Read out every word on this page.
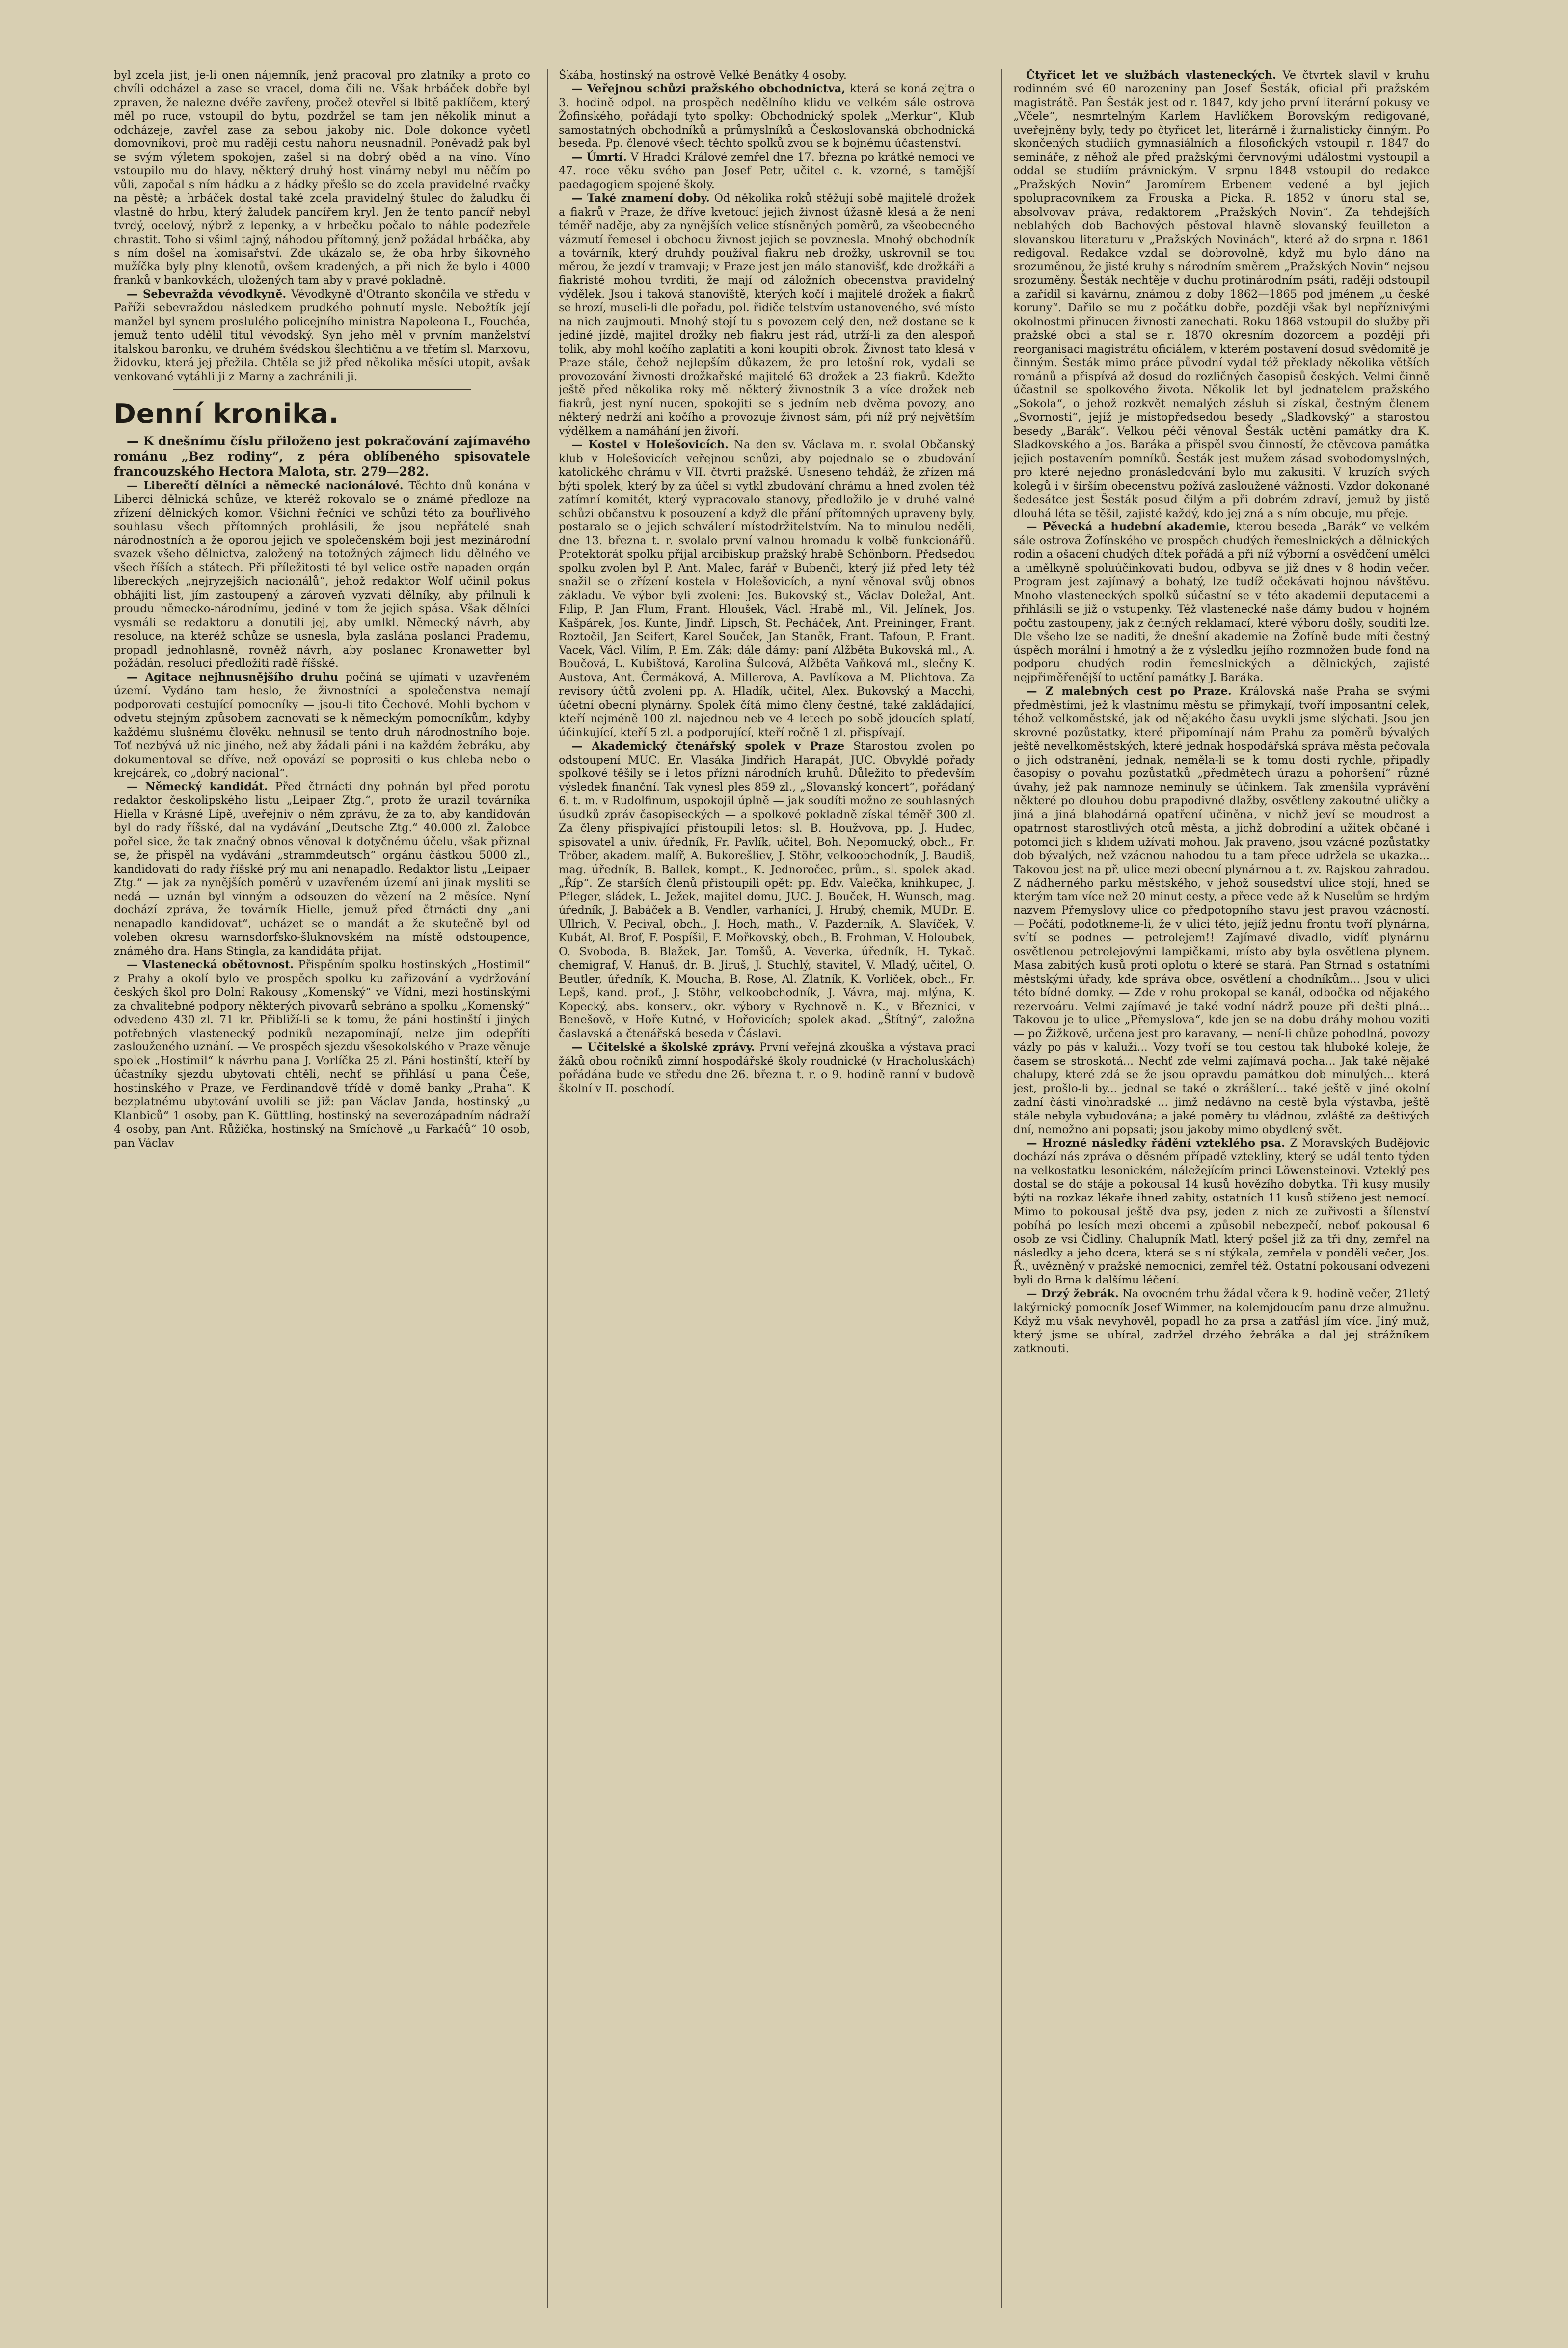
byl zcela jist, je-li onen nájemník, jenž pracoval pro zlatníky a proto co chvíli odcházel a zase se vracel, doma čili ne. Však hrbáček dobře byl zpraven, že nalezne dvéře zavřeny, pročež otevřel si lbitě paklíčem, který měl po ruce, vstoupil do bytu, pozdržel se tam jen několik minut a odcházeje, zavřel zase za sebou jakoby nic. Dole dokonce vyčetl domovníkovi, proč mu raději cestu nahoru neusnadnil. Poněvadž pak byl se svým výletem spokojen, zašel si na dobrý oběd a na víno. Víno vstoupilo mu do hlavy, některý druhý host vinárny nebyl mu něčím po vůli, započal s ním hádku a z hádky přešlo se do zcela pravidelné rvačky na pěstě; a hrbáček dostal také zcela pravidelný štulec do žaludku či vlastně do hrbu, který žaludek pancířem kryl. Jen že tento pancíř nebyl tvrdý, ocelový, nýbrž z lepenky, a v hrbečku počalo to náhle podezřele chrastit. Toho si všiml tajný, náhodou přítomný, jenž požádal hrbáčka, aby s ním došel na komisařství. Zde ukázalo se, že oba hrby šikovného mužíčka byly plny klenotů, ovšem kradených, a při nich že bylo i 4000 franků v bankovkách, uložených tam aby v pravé pokladně.

— Sebevražda vévodkyně. Vévodkyně d'Otranto skončila ve středu v Paříži sebevraždou následkem prudkého pohnutí mysle. Nebožtík její manžel byl synem proslulého policejního ministra Napoleona I., Fouchéa, jemuž tento udělil titul vévodský. Syn jeho měl v prvním manželství italskou baronku, ve druhém švédskou šlechtičnu a ve třetím sl. Marxovu, židovku, která jej přežila. Chtěla se již před několika měsíci utopit, avšak venkované vytáhli ji z Marny a zachránili ji.

Denní kronika.

— K dnešnímu číslu přiloženo jest pokračování zajímavého románu „Bez rodiny“, z péra oblíbeného spisovatele francouzského Hectora Malota, str. 279—282.

— Liberečtí dělníci a německé nacionálové. Těchto dnů konána v Liberci dělnická schůze, ve kteréž rokovalo se o známé předloze na zřízení dělnických komor. Všichni řečníci ve schůzi této za bouřlivého souhlasu všech přítomných prohlásili, že jsou nepřátelé snah národnostních a že oporou jejich ve společenském boji jest mezinárodní svazek všeho dělnictva, založený na totožných zájmech lidu dělného ve všech říších a státech. Při příležitosti té byl velice ostře napaden orgán libereckých „nejryzejších nacionálů“, jehož redaktor Wolf učinil pokus obhájiti list, jím zastoupený a zároveň vyzvati dělníky, aby přilnuli k proudu německo-národnímu, jediné v tom že jejich spása. Však dělníci vysmáli se redaktoru a donutili jej, aby umlkl. Německý návrh, aby resoluce, na kteréž schůze se usnesla, byla zaslána poslanci Prademu, propadl jednohlasně, rovněž návrh, aby poslanec Kronawetter byl požádán, resoluci předložiti radě říšské.

— Agitace nejhnusnějšího druhu počíná se ujímati v uzavřeném území. Vydáno tam heslo, že živnostníci a společenstva nemají podporovati cestující pomocníky — jsou-li tito Čechové. Mohli bychom v odvetu stejným způsobem zacnovati se k německým pomocníkům, kdyby každému slušnému člověku nehnusil se tento druh národnostního boje. Toť nezbývá už nic jiného, než aby žádali páni i na každém žebráku, aby dokumentoval se dříve, než opovází se poprositi o kus chleba nebo o krejcárek, co „dobrý nacional“.

— Německý kandidát. Před čtrnácti dny pohnán byl před porotu redaktor českolipského listu „Leipaer Ztg.“, proto že urazil továrníka Hiella v Krásné Lípě, uveřejniv o něm zprávu, že za to, aby kandidován byl do rady říšské, dal na vydávání „Deutsche Ztg.“ 40.000 zl. Žalobce pořel sice, že tak značný obnos věnoval k dotyčnému účelu, však přiznal se, že přispěl na vydávání „strammdeutsch“ orgánu částkou 5000 zl., kandidovati do rady říšské prý mu ani nenapadlo. Redaktor listu „Leipaer Ztg.“ — jak za nynějších poměrů v uzavřeném území ani jinak mysliti se nedá — uznán byl vinným a odsouzen do vězení na 2 měsíce. Nyní dochází zpráva, že továrník Hielle, jemuž před čtrnácti dny „ani nenapadlo kandidovat“, ucházet se o mandát a že skutečně byl od voleben okresu warnsdorfsko-šluknovském na místě odstoupence, známého dra. Hans Stingla, za kandidáta přijat.

— Vlastenecká obětovnost. Přispěním spolku hostinských „Hostimil“ z Prahy a okolí bylo ve prospěch spolku ku zařizování a vydržování českých škol pro Dolní Rakousy „Komenský“ ve Vídni, mezi hostinskými za chvalitebné podpory některých pivovarů sebráno a spolku „Komenský“ odvedeno 430 zl. 71 kr. Přibliží-li se k tomu, že páni hostinští i jiných potřebných vlastenecký podniků nezapomínají, nelze jim odepříti zaslouženého uznání. — Ve prospěch sjezdu všesokolského v Praze věnuje spolek „Hostimil“ k návrhu pana J. Vorlíčka 25 zl. Páni hostinští, kteří by účastníky sjezdu ubytovati chtěli, nechť se přihlásí u pana Češe, hostinského v Praze, ve Ferdinandově třídě v domě banky „Praha“. K bezplatnému ubytování uvolili se již: pan Václav Janda, hostinský „u Klanbiců“ 1 osoby, pan K. Güttling, hostinský na severozápadním nádraží 4 osoby, pan Ant. Růžička, hostinský na Smíchově „u Farkačů“ 10 osob, pan Václav

Škába, hostinský na ostrově Velké Benátky 4 osoby.

— Veřejnou schůzi pražského obchodnictva, která se koná zejtra o 3. hodině odpol. na prospěch nedělního klidu ve velkém sále ostrova Žofinského, pořádají tyto spolky: Obchodnický spolek „Merkur“, Klub samostatných obchodníků a průmyslníků a Českoslovanská obchodnická beseda. Pp. členové všech těchto spolků zvou se k bojnému účastenství.

— Úmrtí. V Hradci Králové zemřel dne 17. března po krátké nemoci ve 47. roce věku svého pan Josef Petr, učitel c. k. vzorné, s tamější paedagogiem spojené školy.

— Také znamení doby. Od několika roků stěžují sobě majitelé drožek a fiakrů v Praze, že dříve kvetoucí jejich živnost úžasně klesá a že není téměř naděje, aby za nynějších velice stísněných poměrů, za všeobecného vázmutí řemesel i obchodu živnost jejich se povznesla. Mnohý obchodník a továrník, který druhdy používal fiakru neb drožky, uskrovnil se tou měrou, že jezdí v tramvaji; v Praze jest jen málo stanovišť, kde drožkáři a fiakristé mohou tvrditi, že mají od záložních obecenstva pravidelný výdělek. Jsou i taková stanoviště, kterých kočí i majitelé drožek a fiakrů se hrozí, museli-li dle pořadu, pol. řidiče telstvím ustanoveného, své místo na nich zaujmouti. Mnohý stojí tu s povozem celý den, než dostane se k jediné jízdě, majitel drožky neb fiakru jest rád, utrží-li za den alespoň tolik, aby mohl kočího zaplatiti a koni koupiti obrok. Živnost tato klesá v Praze stále, čehož nejlepším důkazem, že pro letošní rok, vydali se provozování živnosti drožkařské majitelé 63 drožek a 23 fiakrů. Kdežto ještě před několika roky měl některý živnostník 3 a více drožek neb fiakrů, jest nyní nucen, spokojiti se s jedním neb dvěma povozy, ano některý nedrží ani kočího a provozuje živnost sám, při níž prý největším výdělkem a namáhání jen živoří.

— Kostel v Holešovicích. Na den sv. Václava m. r. svolal Občanský klub v Holešovicích veřejnou schůzi, aby pojednalo se o zbudování katolického chrámu v VII. čtvrti pražské. Usneseno tehdáž, že zřízen má býti spolek, který by za účel si vytkl zbudování chrámu a hned zvolen též zatímní komitét, který vypracovalo stanovy, předložilo je v druhé valné schůzi občanstvu k posouzení a když dle přání přítomných upraveny byly, postaralo se o jejich schválení místodržitelstvím. Na to minulou neděli, dne 13. března t. r. svolalo první valnou hromadu k volbě funkcionářů. Protektorát spolku přijal arcibiskup pražský hrabě Schönborn. Předsedou spolku zvolen byl P. Ant. Malec, farář v Bubenči, který již před lety též snažil se o zřízení kostela v Holešovicích, a nyní věnoval svůj obnos základu. Ve výbor byli zvoleni: Jos. Bukovský st., Václav Doležal, Ant. Filip, P. Jan Flum, Frant. Hloušek, Václ. Hrabě ml., Vil. Jelínek, Jos. Kašpárek, Jos. Kunte, Jindř. Lipsch, St. Pecháček, Ant. Preininger, Frant. Roztočil, Jan Seifert, Karel Souček, Jan Staněk, Frant. Tafoun, P. Frant. Vacek, Václ. Vilím, P. Em. Zák; dále dámy: paní Alžběta Bukovská ml., A. Boučová, L. Kubištová, Karolina Šulcová, Alžběta Vaňková ml., slečny K. Austova, Ant. Čermáková, A. Millerova, A. Pavlíkova a M. Plichtova. Za revisory účtů zvoleni pp. A. Hladík, učitel, Alex. Bukovský a Macchi, účetní obecní plynárny. Spolek čítá mimo členy čestné, také zakládající, kteří nejméně 100 zl. najednou neb ve 4 letech po sobě jdoucích splatí, účinkující, kteří 5 zl. a podporující, kteří ročně 1 zl. přispívají.

— Akademický čtenářský spolek v Praze Starostou zvolen po odstoupení MUC. Er. Vlasáka Jindřich Harapát, JUC. Obvyklé pořady spolkové těšily se i letos přízni národních kruhů. Důležito to především výsledek finanční. Tak vynesl ples 859 zl., „Slovanský koncert“, pořádaný 6. t. m. v Rudolfinum, uspokojil úplně — jak soudíti možno ze souhlasných úsudků zpráv časopiseckých — a spolkové pokladně získal téměř 300 zl. Za členy přispívající přistoupili letos: sl. B. Houžvova, pp. J. Hudec, spisovatel a univ. úředník, Fr. Pavlík, učitel, Boh. Nepomucký, obch., Fr. Tröber, akadem. malíř, A. Bukorešliev, J. Stöhr, velkoobchodník, J. Baudiš, mag. úředník, B. Ballek, kompt., K. Jednoročec, prům., sl. spolek akad. „Říp“. Ze starších členů přistoupili opět: pp. Edv. Valečka, knihkupec, J. Pfleger, sládek, L. Ježek, majitel domu, JUC. J. Bouček, H. Wunsch, mag. úředník, J. Babáček a B. Vendler, varhaníci, J. Hrubý, chemik, MUDr. E. Ullrich, V. Pecival, obch., J. Hoch, math., V. Pazderník, A. Slavíček, V. Kubát, Al. Brof, F. Pospíšil, F. Mořkovský, obch., B. Frohman, V. Holoubek, O. Svoboda, B. Blažek, Jar. Tomšů, A. Veverka, úředník, H. Tykač, chemigraf, V. Hanuš, dr. B. Jiruš, J. Stuchlý, stavitel, V. Mladý, učitel, O. Beutler, úředník, K. Moucha, B. Rose, Al. Zlatník, K. Vorlíček, obch., Fr. Lepš, kand. prof., J. Stöhr, velkoobchodník, J. Vávra, maj. mlýna, K. Kopecký, abs. konserv., okr. výbory v Rychnově n. K., v Březnici, v Benešově, v Hoře Kutné, v Hořovicích; spolek akad. „Štítný“, založna časlavská a čtenářská beseda v Čáslavi.

— Učitelské a školské zprávy. První veřejná zkouška a výstava prací žáků obou ročníků zimní hospodářské školy roudnické (v Hracholuskách) pořádána bude ve středu dne 26. března t. r. o 9. hodině ranní v budově školní v II. poschodí.

Čtyřicet let ve službách vlasteneckých. Ve čtvrtek slavil v kruhu rodinném své 60 narozeniny pan Josef Šesták, oficial při pražském magistrátě. Pan Šesták jest od r. 1847, kdy jeho první literární pokusy ve „Včele“, nesmrtelným Karlem Havlíčkem Borovským redigované, uveřejněny byly, tedy po čtyřicet let, literárně i žurnalisticky činným. Po skončených studiích gymnasiálních a filosofických vstoupil r. 1847 do semináře, z něhož ale před pražskými červnovými událostmi vystoupil a oddal se studiím právnickým. V srpnu 1848 vstoupil do redakce „Pražských Novin“ Jaromírem Erbenem vedené a byl jejich spolupracovníkem za Frouska a Picka. R. 1852 v únoru stal se, absolvovav práva, redaktorem „Pražských Novin“. Za tehdejších neblahých dob Bachových pěstoval hlavně slovanský feuilleton a slovanskou literaturu v „Pražských Novinách“, které až do srpna r. 1861 redigoval. Redakce vzdal se dobrovolně, když mu bylo dáno na srozuměnou, že jisté kruhy s národním směrem „Pražských Novin“ nejsou srozuměny. Šesták nechtěje v duchu protinárodním psáti, raději odstoupil a zařídil si kavárnu, známou z doby 1862—1865 pod jménem „u české koruny“. Dařilo se mu z počátku dobře, později však byl nepříznivými okolnostmi přinucen živnosti zanechati. Roku 1868 vstoupil do služby při pražské obci a stal se r. 1870 okresním dozorcem a později při reorganisaci magistrátu oficiálem, v kterém postavení dosud svědomitě je činným. Šesták mimo práce původní vydal též překlady několika větších románů a přispívá až dosud do rozličných časopisů českých. Velmi činně účastnil se spolkového života. Několik let byl jednatelem pražského „Sokola“, o jehož rozkvět nemalých zásluh si získal, čestným členem „Svornosti“, jejíž je místopředsedou besedy „Sladkovský“ a starostou besedy „Barák“. Velkou péči věnoval Šesták uctění památky dra K. Sladkovského a Jos. Baráka a přispěl svou činností, že ctěvcova památka jejich postavením pomníků. Šesták jest mužem zásad svobodomyslných, pro které nejedno pronásledování bylo mu zakusiti. V kruzích svých kolegů i v širším obecenstvu požívá zasloužené vážnosti. Vzdor dokonané šedesátce jest Šesták posud čilým a při dobrém zdraví, jemuž by jistě dlouhá léta se těšil, zajisté každý, kdo jej zná a s ním obcuje, mu přeje.

— Pěvecká a hudební akademie, kterou beseda „Barák“ ve velkém sále ostrova Žofínského ve prospěch chudých řemeslnických a dělnických rodin a ošacení chudých dítek pořádá a při níž výborní a osvědčení umělci a umělkyně spoluúčinkovati budou, odbyva se již dnes v 8 hodin večer. Program jest zajímavý a bohatý, lze tudíž očekávati hojnou návštěvu. Mnoho vlasteneckých spolků súčastní se v této akademii deputacemi a přihlásili se již o vstupenky. Též vlastenecké naše dámy budou v hojném počtu zastoupeny, jak z četných reklamací, které výboru došly, souditi lze. Dle všeho lze se naditi, že dnešní akademie na Žofíně bude míti čestný úspěch morální i hmotný a že z výsledku jejího rozmnožen bude fond na podporu chudých rodin řemeslnických a dělnických, zajisté nejpřiměřenější to uctění památky J. Baráka.

— Z malebných cest po Praze. Královská naše Praha se svými předměstími, jež k vlastnímu městu se přimykají, tvoří imposantní celek, téhož velkoměstské, jak od nějakého času uvykli jsme slýchati. Jsou jen skrovné pozůstatky, které připomínají nám Prahu za poměrů bývalých ještě nevelkoměstských, které jednak hospodářská správa města pečovala o jich odstranění, jednak, neměla-li se k tomu dosti rychle, připadly časopisy o povahu pozůstatků „předmětech úrazu a pohoršení“ různé úvahy, jež pak namnoze neminuly se účinkem. Tak zmenšila vyprávění některé po dlouhou dobu prapodivné dlažby, osvětleny zakoutné uličky a jiná a jiná blahodárná opatření učiněna, v nichž jeví se moudrost a opatrnost starostlivých otců města, a jichž dobrodiní a užitek občané i potomci jich s klidem užívati mohou. Jak praveno, jsou vzácné pozůstatky dob bývalých, než vzácnou nahodou tu a tam přece udržela se ukazka... Takovou jest na př. ulice mezi obecní plynárnou a t. zv. Rajskou zahradou. Z nádherného parku městského, v jehož sousedství ulice stojí, hned se kterým tam více než 20 minut cesty, a přece vede až k Nuselům se hrdým nazvem Přemyslovy ulice co předpotopního stavu jest pravou vzácností. — Počátí, podotkneme-li, že v ulici této, jejíž jednu frontu tvoří plynárna, svítí se podnes — petrolejem!! Zajímavé divadlo, vidíť plynárnu osvětlenou petrolejovými lampičkami, místo aby byla osvětlena plynem. Masa zabitých kusů proti oplotu o které se stará. Pan Strnad s ostatními městskými úřady, kde správa obce, osvětlení a chodníkům... Jsou v ulici této bídné domky. — Zde v rohu prokopal se kanál, odbočka od nějakého rezervoáru. Velmi zajímavé je také vodní nádrž pouze při dešti plná... Takovou je to ulice „Přemyslova“, kde jen se na dobu dráhy mohou voziti — po Žižkově, určena jest pro karavany, — není-li chůze pohodlná, povozy vázly po pás v kaluži... Vozy tvoří se tou cestou tak hluboké koleje, že časem se stroskotá... Nechť zde velmi zajímavá pocha... Jak také nějaké chalupy, které zdá se že jsou opravdu památkou dob minulých... která jest, prošlo-li by... jednal se také o zkrášlení... také ještě v jiné okolní zadní části vinohradské ... jimž nedávno na cestě byla výstavba, ještě stále nebyla vybudována; a jaké poměry tu vládnou, zvláště za deštivých dní, nemožno ani popsati; jsou jakoby mimo obydlený svět.

— Hrozné následky řádění vzteklého psa. Z Moravských Budějovic dochází nás zpráva o děsném případě vztekliny, který se udál tento týden na velkostatku lesonickém, náležejícím princi Löwensteinovi. Vzteklý pes dostal se do stáje a pokousal 14 kusů hovězího dobytka. Tři kusy musily býti na rozkaz lékaře ihned zabity, ostatních 11 kusů stíženo jest nemocí. Mimo to pokousal ještě dva psy, jeden z nich ze zuřivosti a šílenství pobíhá po lesích mezi obcemi a způsobil nebezpečí, neboť pokousal 6 osob ze vsi Čidliny. Chalupník Matl, který pošel již za tři dny, zemřel na následky a jeho dcera, která se s ní stýkala, zemřela v pondělí večer, Jos. Ř., uvězněný v pražské nemocnici, zemřel též. Ostatní pokousaní odvezeni byli do Brna k dalšímu léčení.

— Drzý žebrák. Na ovocném trhu žádal včera k 9. hodině večer, 21letý lakýrnický pomocník Josef Wimmer, na kolemjdoucím panu drze almužnu. Když mu však nevyhověl, popadl ho za prsa a zatřásl jím více. Jiný muž, který jsme se ubíral, zadržel drzého žebráka a dal jej strážníkem zatknouti.
